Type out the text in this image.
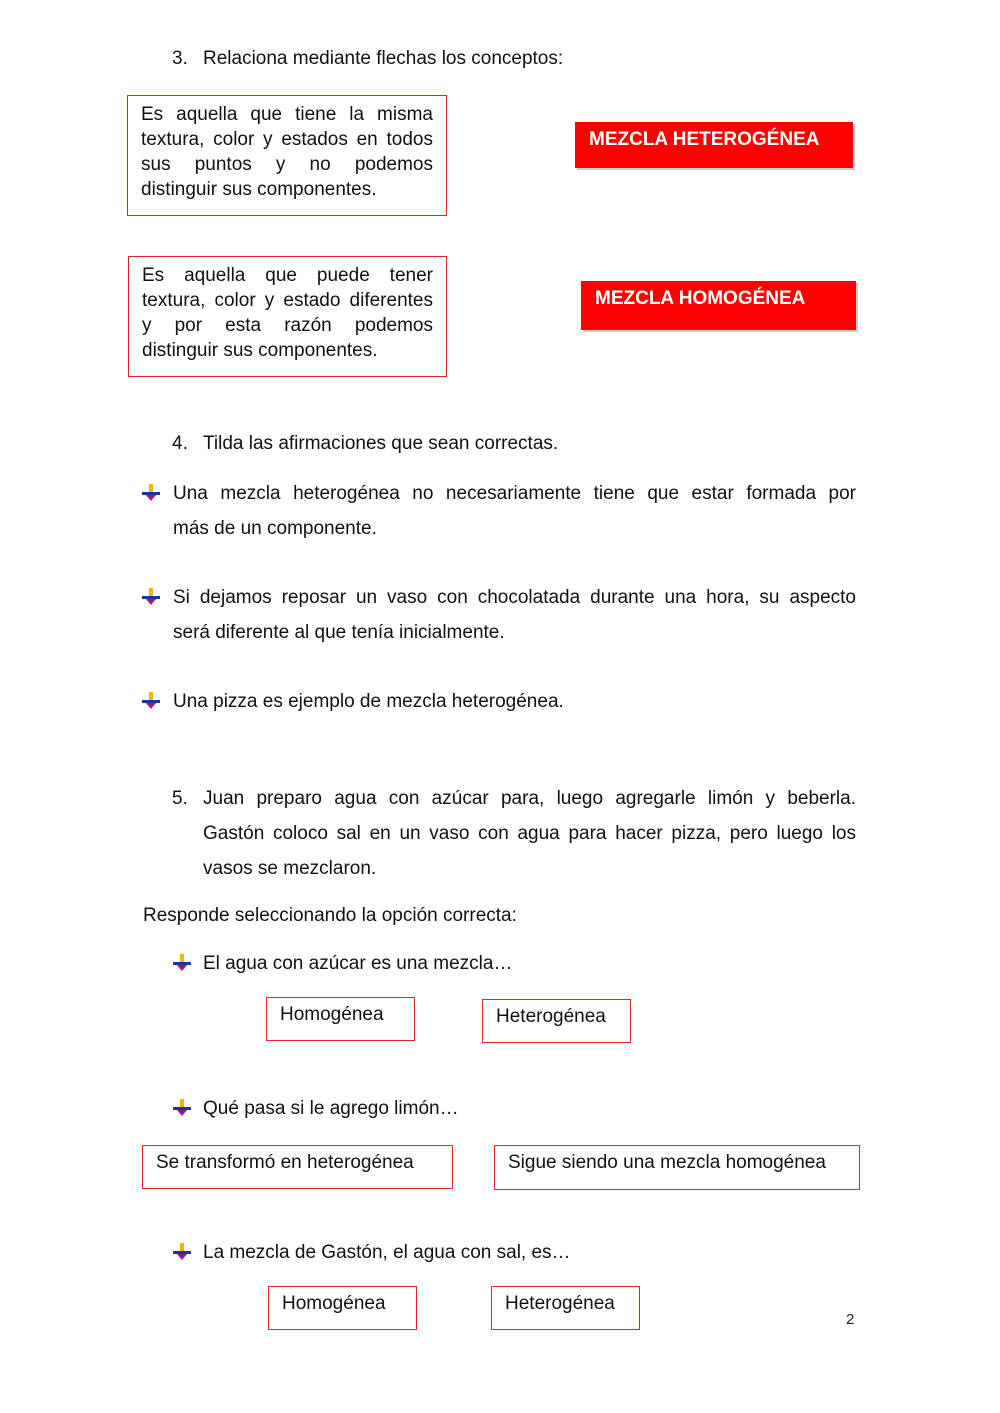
3. Relaciona mediante flechas los conceptos:
Es aquella que tiene la misma
textura, color y estados en todos
sus puntos y no podemos
distinguir sus componentes.
Es aquella que puede tener
textura, color y estado diferentes
y por esta razón podemos
distinguir sus componentes.
MEZCLA HETEROGÉNEA
MEZCLA HOMOGÉNEA
4. Tilda las afirmaciones que sean correctas.
Una mezcla heterogénea no necesariamente tiene que estar formada por
más de un componente.
Si dejamos reposar un vaso con chocolatada durante una hora, su aspecto
será diferente al que tenía inicialmente.
Una pizza es ejemplo de mezcla heterogénea.
5. Juan preparo agua con azúcar para, luego agregarle limón y beberla.
Gastón coloco sal en un vaso con agua para hacer pizza, pero luego los
vasos se mezclaron.
Responde seleccionando la opción correcta:
El agua con azúcar es una mezcla…
Homogénea	Heterogénea
Qué pasa si le agrego limón…
Se transformó en heterogénea	Sigue siendo una mezcla homogénea
La mezcla de Gastón, el agua con sal, es…
Homogénea	Heterogénea
2
